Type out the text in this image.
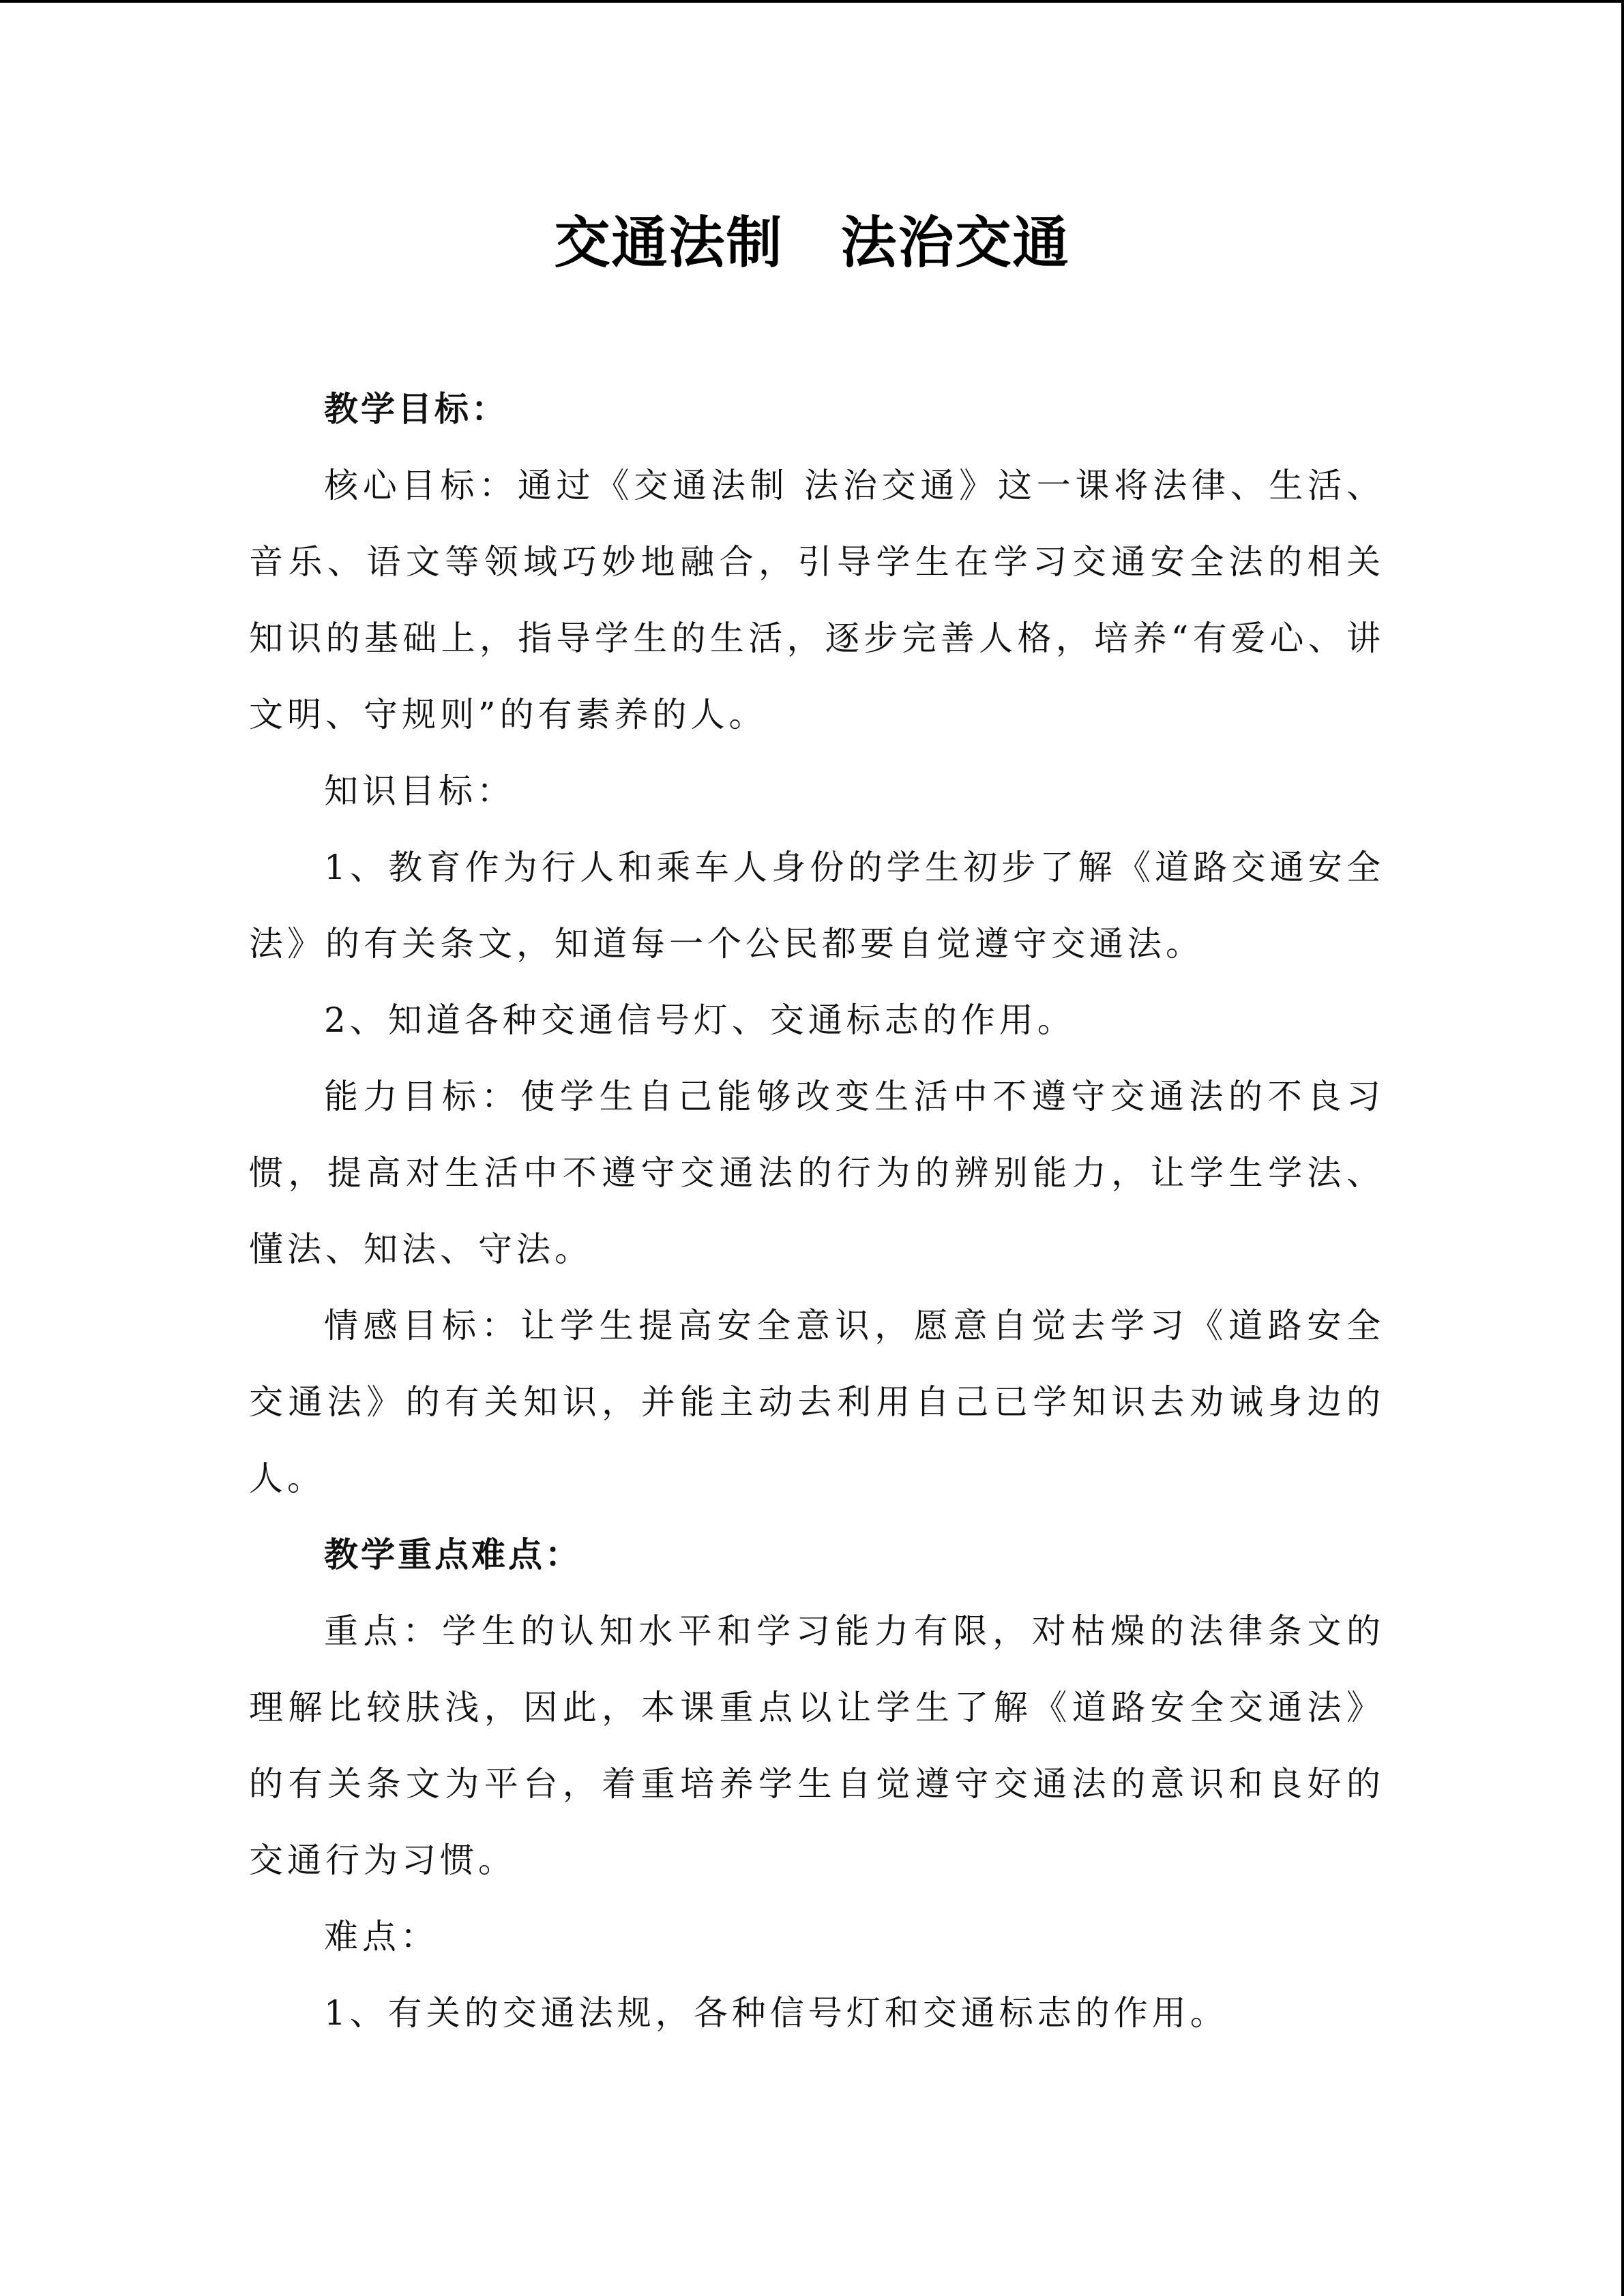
交通法制　法治交通

教学目标：

核心目标：通过《交通法制 法治交通》这一课将法律、生活、音乐、语文等领域巧妙地融合，引导学生在学习交通安全法的相关知识的基础上，指导学生的生活，逐步完善人格，培养“有爱心、讲文明、守规则”的有素养的人。

知识目标：

1、教育作为行人和乘车人身份的学生初步了解《道路交通安全法》的有关条文，知道每一个公民都要自觉遵守交通法。

2、知道各种交通信号灯、交通标志的作用。

能力目标：使学生自己能够改变生活中不遵守交通法的不良习惯，提高对生活中不遵守交通法的行为的辨别能力，让学生学法、懂法、知法、守法。

情感目标：让学生提高安全意识，愿意自觉去学习《道路安全交通法》的有关知识，并能主动去利用自己已学知识去劝诫身边的人。

教学重点难点：

重点：学生的认知水平和学习能力有限，对枯燥的法律条文的理解比较肤浅，因此，本课重点以让学生了解《道路安全交通法》的有关条文为平台，着重培养学生自觉遵守交通法的意识和良好的交通行为习惯。

难点：

1、有关的交通法规，各种信号灯和交通标志的作用。
